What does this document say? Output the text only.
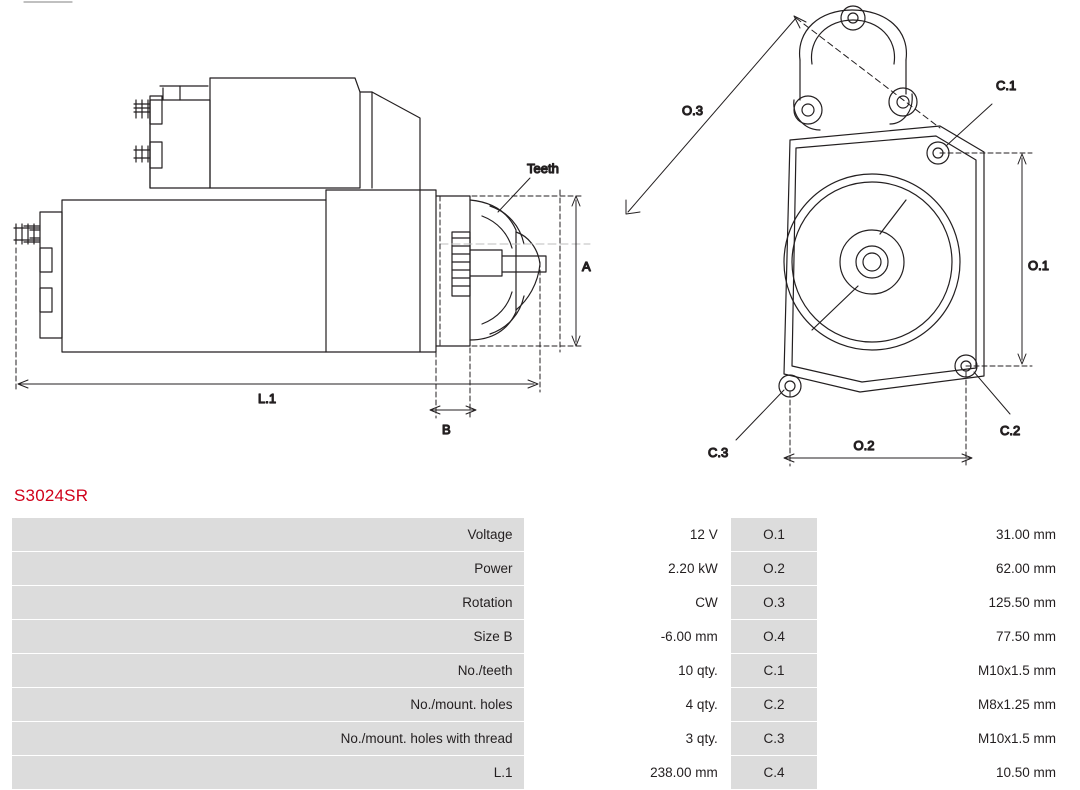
Teeth
A
L.1
B
O.3
C.1
C.2
C.3
O.1
O.2
S3024SR
Voltage	12 V	O.1	31.00 mm
Power	2.20 kW	O.2	62.00 mm
Rotation	CW	O.3	125.50 mm
Size B	-6.00 mm	O.4	77.50 mm
No./teeth	10 qty.	C.1	M10x1.5 mm
No./mount. holes	4 qty.	C.2	M8x1.25 mm
No./mount. holes with thread	3 qty.	C.3	M10x1.5 mm
L.1	238.00 mm	C.4	10.50 mm
